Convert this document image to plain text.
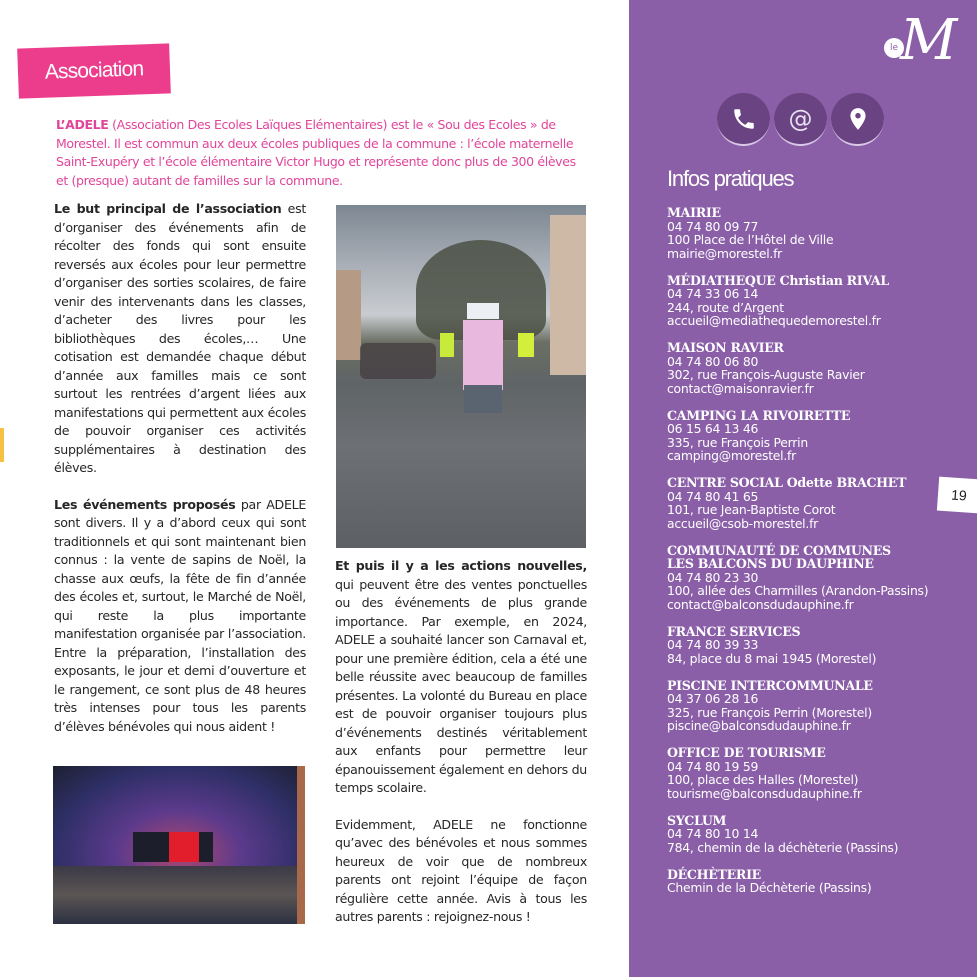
Association
L’ADELE (Association Des Ecoles Laïques Elémentaires) est le « Sou des Ecoles » de Morestel. Il est commun aux deux écoles publiques de la commune : l’école maternelle Saint-Exupéry et l’école élémentaire Victor Hugo et représente donc plus de 300 élèves et (presque) autant de familles sur la commune.

Le but principal de l’association est d’organiser des événements afin de récolter des fonds qui sont ensuite reversés aux écoles pour leur permettre d’organiser des sorties scolaires, de faire venir des intervenants dans les classes, d’acheter des livres pour les bibliothèques des écoles,… Une cotisation est demandée chaque début d’année aux familles mais ce sont surtout les rentrées d’argent liées aux manifestations qui permettent aux écoles de pouvoir organiser ces activités supplémentaires à destination des élèves.

Les événements proposés par ADELE sont divers. Il y a d’abord ceux qui sont traditionnels et qui sont maintenant bien connus : la vente de sapins de Noël, la chasse aux œufs, la fête de fin d’année des écoles et, surtout, le Marché de Noël, qui reste la plus importante manifestation organisée par l’association. Entre la préparation, l’installation des exposants, le jour et demi d’ouverture et le rangement, ce sont plus de 48 heures très intenses pour tous les parents d’élèves bénévoles qui nous aident !

Et puis il y a les actions nouvelles, qui peuvent être des ventes ponctuelles ou des événements de plus grande importance. Par exemple, en 2024, ADELE a souhaité lancer son Carnaval et, pour une première édition, cela a été une belle réussite avec beaucoup de familles présentes. La volonté du Bureau en place est de pouvoir organiser toujours plus d’événements destinés véritablement aux enfants pour permettre leur épanouissement également en dehors du temps scolaire.

Evidemment, ADELE ne fonctionne qu’avec des bénévoles et nous sommes heureux de voir que de nombreux parents ont rejoint l’équipe de façon régulière cette année. Avis à tous les autres parents : rejoignez-nous !

le M
@
Infos pratiques
MAIRIE
04 74 80 09 77
100 Place de l’Hôtel de Ville
mairie@morestel.fr
MÉDIATHEQUE Christian RIVAL
04 74 33 06 14
244, route d’Argent
accueil@mediathequedemorestel.fr
MAISON RAVIER
04 74 80 06 80
302, rue François-Auguste Ravier
contact@maisonravier.fr
CAMPING LA RIVOIRETTE
06 15 64 13 46
335, rue François Perrin
camping@morestel.fr
CENTRE SOCIAL Odette BRACHET
04 74 80 41 65
101, rue Jean-Baptiste Corot
accueil@csob-morestel.fr
COMMUNAUTÉ DE COMMUNES
LES BALCONS DU DAUPHINE
04 74 80 23 30
100, allée des Charmilles (Arandon-Passins)
contact@balconsdudauphine.fr
FRANCE SERVICES
04 74 80 39 33
84, place du 8 mai 1945 (Morestel)
PISCINE INTERCOMMUNALE
04 37 06 28 16
325, rue François Perrin (Morestel)
piscine@balconsdudauphine.fr
OFFICE DE TOURISME
04 74 80 19 59
100, place des Halles (Morestel)
tourisme@balconsdudauphine.fr
SYCLUM
04 74 80 10 14
784, chemin de la déchèterie (Passins)
DÉCHÈTERIE
Chemin de la Déchèterie (Passins)
19
